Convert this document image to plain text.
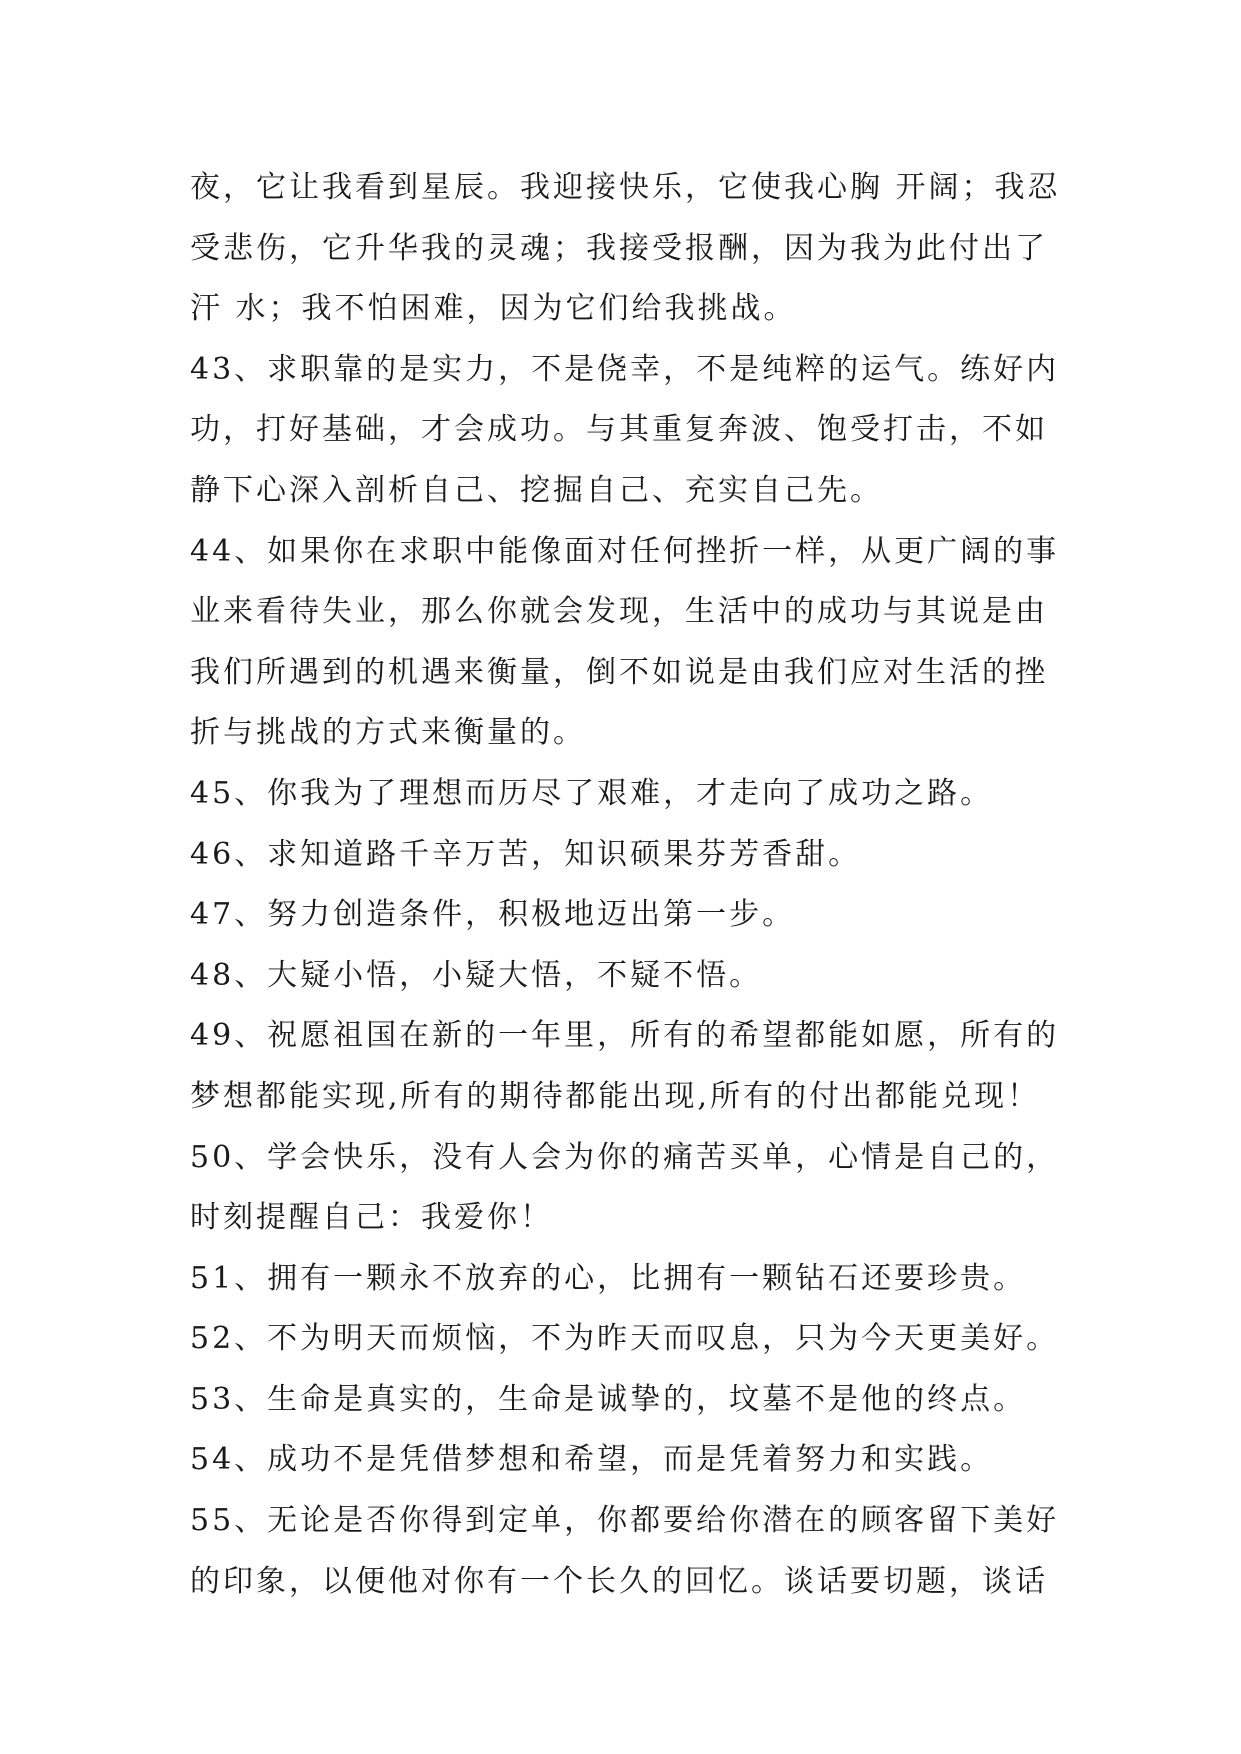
夜，它让我看到星辰。我迎接快乐，它使我心胸 开阔；我忍受悲伤，它升华我的灵魂；我接受报酬，因为我为此付出了汗 水；我不怕困难，因为它们给我挑战。

43、求职靠的是实力，不是侥幸，不是纯粹的运气。练好内功，打好基础，才会成功。与其重复奔波、饱受打击，不如静下心深入剖析自己、挖掘自己、充实自己先。

44、如果你在求职中能像面对任何挫折一样，从更广阔的事业来看待失业，那么你就会发现，生活中的成功与其说是由我们所遇到的机遇来衡量，倒不如说是由我们应对生活的挫折与挑战的方式来衡量的。

45、你我为了理想而历尽了艰难，才走向了成功之路。

46、求知道路千辛万苦，知识硕果芬芳香甜。

47、努力创造条件，积极地迈出第一步。

48、大疑小悟，小疑大悟，不疑不悟。

49、祝愿祖国在新的一年里，所有的希望都能如愿，所有的梦想都能实现,所有的期待都能出现,所有的付出都能兑现！

50、学会快乐，没有人会为你的痛苦买单，心情是自己的，时刻提醒自己：我爱你！

51、拥有一颗永不放弃的心，比拥有一颗钻石还要珍贵。

52、不为明天而烦恼，不为昨天而叹息，只为今天更美好。

53、生命是真实的，生命是诚挚的，坟墓不是他的终点。

54、成功不是凭借梦想和希望，而是凭着努力和实践。

55、无论是否你得到定单，你都要给你潜在的顾客留下美好的印象，以便他对你有一个长久的回忆。谈话要切题，谈话
